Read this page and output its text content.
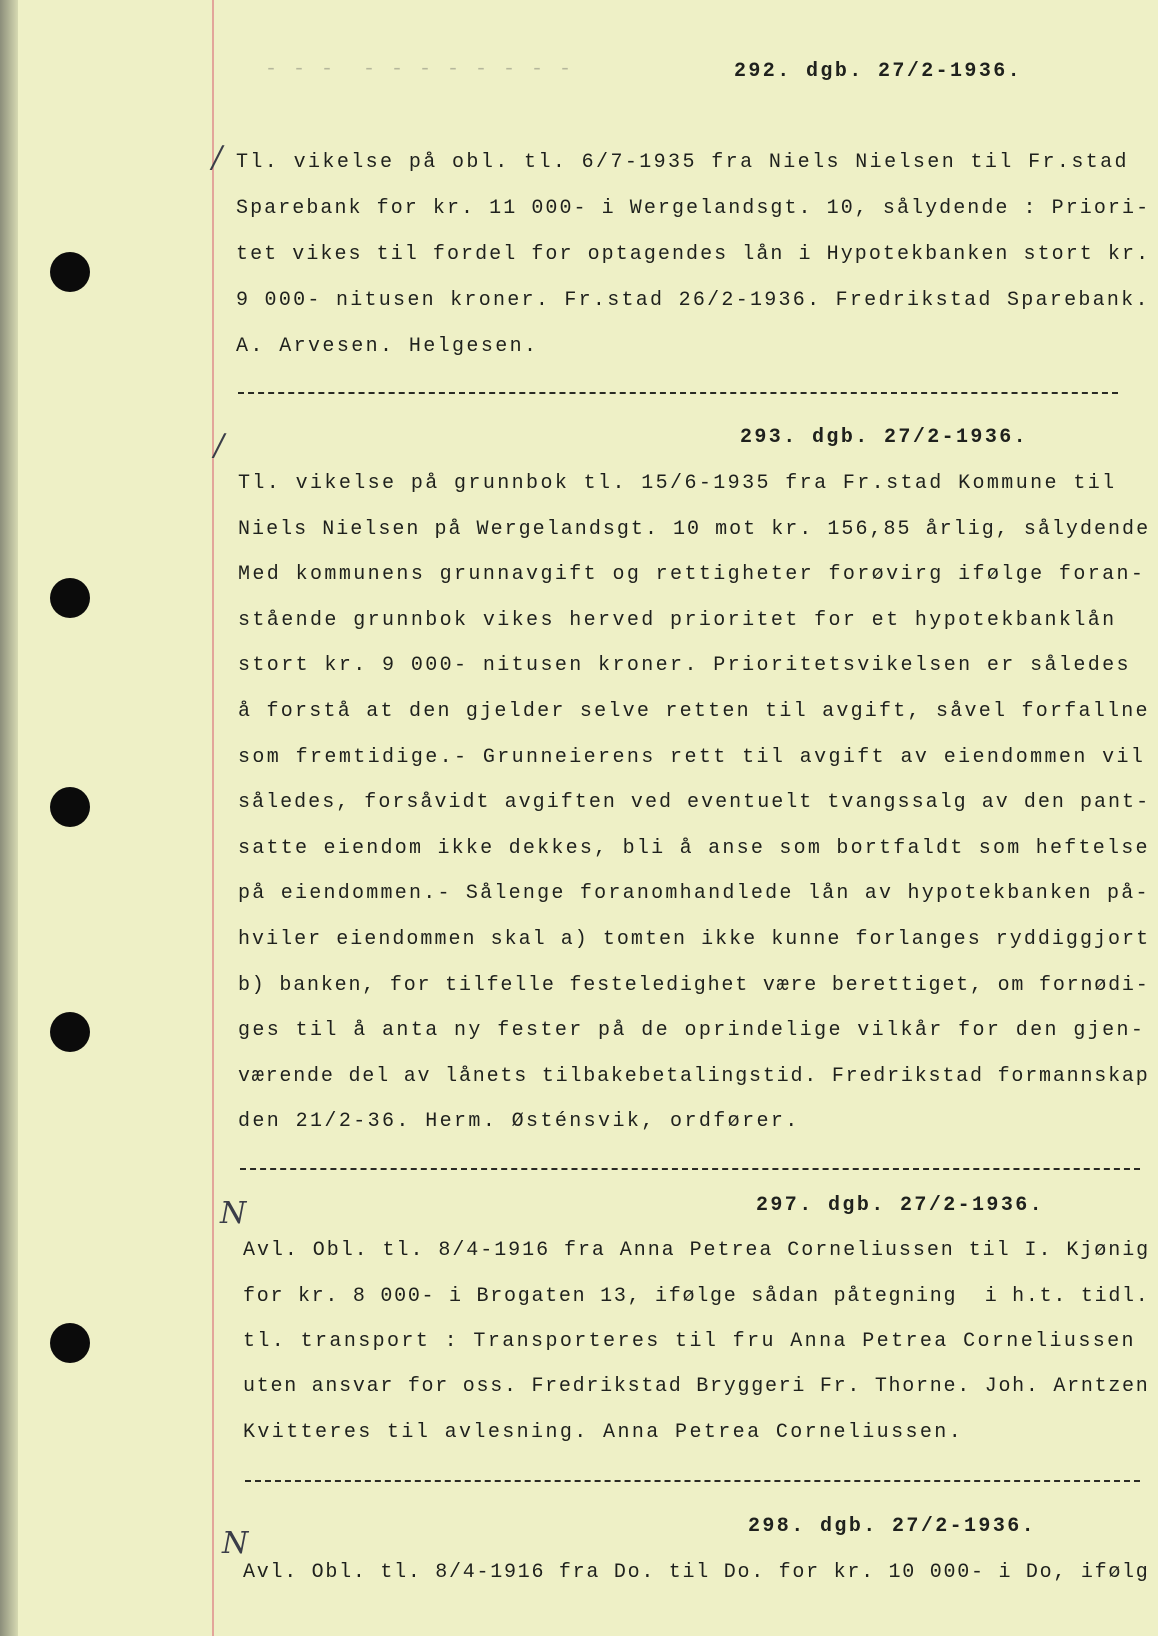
- - -  - - - - - - - -	292. dgb. 27/2-1936.
/ Tl. vikelse på obl. tl. 6/7-1935 fra Niels Nielsen til Fr.stad
Sparebank for kr. 11 000- i Wergelandsgt. 10, sålydende : Priori-
tet vikes til fordel for optagendes lån i Hypotekbanken stort kr.
9 000- nitusen kroner. Fr.stad 26/2-1936. Fredrikstad Sparebank.
A. Arvesen. Helgesen.
293. dgb. 27/2-1936.
/
Tl. vikelse på grunnbok tl. 15/6-1935 fra Fr.stad Kommune til
Niels Nielsen på Wergelandsgt. 10 mot kr. 156,85 årlig, sålydende
Med kommunens grunnavgift og rettigheter forøvirg ifølge foran-
stående grunnbok vikes herved prioritet for et hypotekbanklån
stort kr. 9 000- nitusen kroner. Prioritetsvikelsen er således
å forstå at den gjelder selve retten til avgift, såvel forfallne
som fremtidige.- Grunneierens rett til avgift av eiendommen vil
således, forsåvidt avgiften ved eventuelt tvangssalg av den pant-
satte eiendom ikke dekkes, bli å anse som bortfaldt som heftelse
på eiendommen.- Sålenge foranomhandlede lån av hypotekbanken på-
hviler eiendommen skal a) tomten ikke kunne forlanges ryddiggjort
b) banken, for tilfelle festeledighet være berettiget, om fornødi-
ges til å anta ny fester på de oprindelige vilkår for den gjen-
værende del av lånets tilbakebetalingstid. Fredrikstad formannskap
den 21/2-36. Herm. Østénsvik, ordfører.
297. dgb. 27/2-1936.
N
Avl. Obl. tl. 8/4-1916 fra Anna Petrea Corneliussen til I. Kjønig
for kr. 8 000- i Brogaten 13, ifølge sådan påtegning  i h.t. tidl.
tl. transport : Transporteres til fru Anna Petrea Corneliussen
uten ansvar for oss. Fredrikstad Bryggeri Fr. Thorne. Joh. Arntzen
Kvitteres til avlesning. Anna Petrea Corneliussen.
298. dgb. 27/2-1936.
N
Avl. Obl. tl. 8/4-1916 fra Do. til Do. for kr. 10 000- i Do, ifølg
